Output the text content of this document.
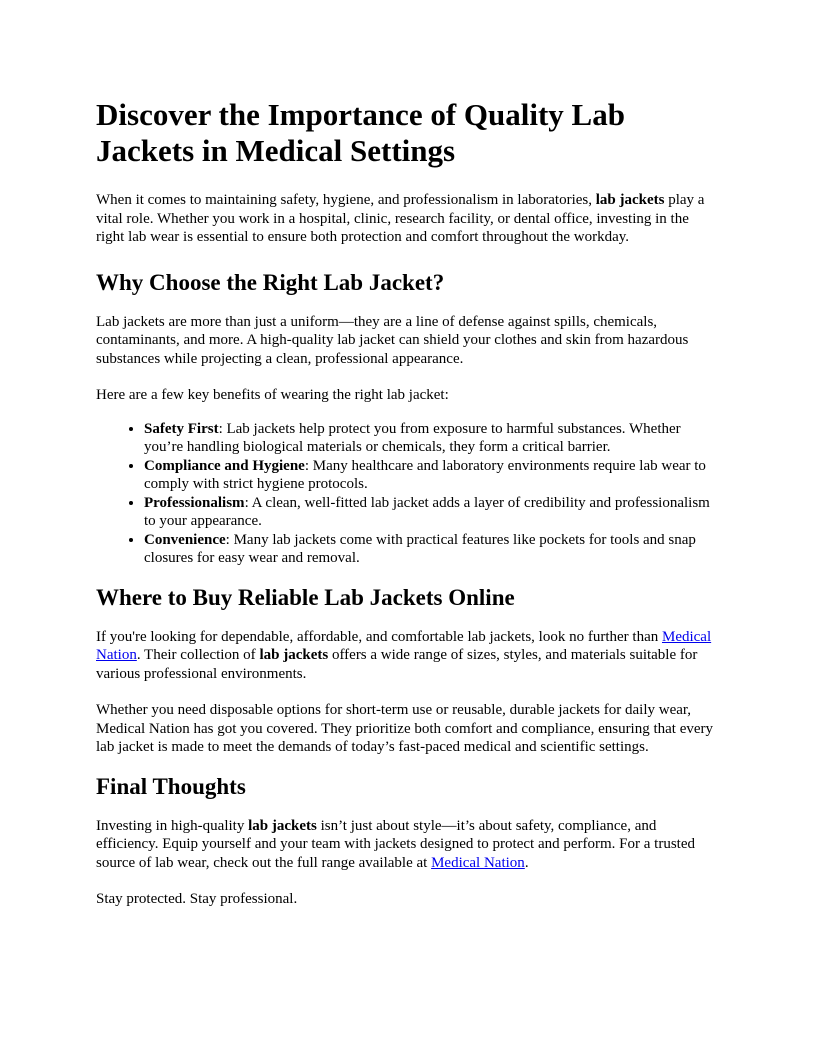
Discover the Importance of Quality Lab Jackets in Medical Settings

When it comes to maintaining safety, hygiene, and professionalism in laboratories, lab jackets play a vital role. Whether you work in a hospital, clinic, research facility, or dental office, investing in the right lab wear is essential to ensure both protection and comfort throughout the workday.

Why Choose the Right Lab Jacket?

Lab jackets are more than just a uniform—they are a line of defense against spills, chemicals, contaminants, and more. A high-quality lab jacket can shield your clothes and skin from hazardous substances while projecting a clean, professional appearance.

Here are a few key benefits of wearing the right lab jacket:

• Safety First: Lab jackets help protect you from exposure to harmful substances. Whether you’re handling biological materials or chemicals, they form a critical barrier.
• Compliance and Hygiene: Many healthcare and laboratory environments require lab wear to comply with strict hygiene protocols.
• Professionalism: A clean, well-fitted lab jacket adds a layer of credibility and professionalism to your appearance.
• Convenience: Many lab jackets come with practical features like pockets for tools and snap closures for easy wear and removal.
Where to Buy Reliable Lab Jackets Online

If you're looking for dependable, affordable, and comfortable lab jackets, look no further than Medical Nation. Their collection of lab jackets offers a wide range of sizes, styles, and materials suitable for various professional environments.

Whether you need disposable options for short-term use or reusable, durable jackets for daily wear, Medical Nation has got you covered. They prioritize both comfort and compliance, ensuring that every lab jacket is made to meet the demands of today’s fast-paced medical and scientific settings.

Final Thoughts

Investing in high-quality lab jackets isn’t just about style—it’s about safety, compliance, and efficiency. Equip yourself and your team with jackets designed to protect and perform. For a trusted source of lab wear, check out the full range available at Medical Nation.

Stay protected. Stay professional.
